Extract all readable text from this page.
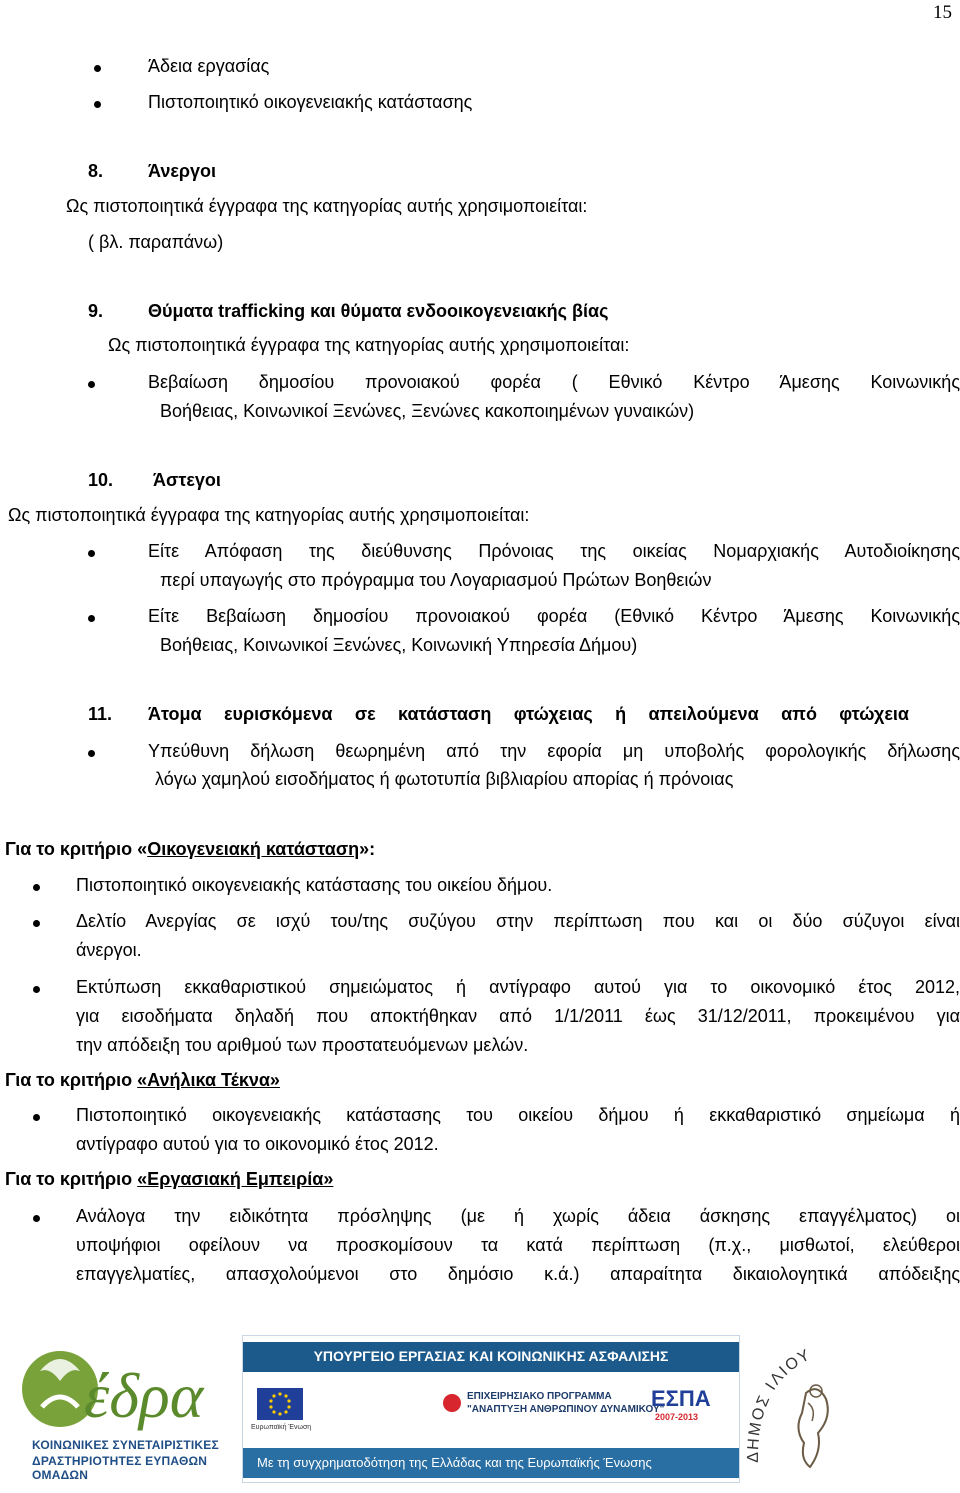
15
Άδεια εργασίας
Πιστοποιητικό οικογενειακής κατάστασης
8. Άνεργοι
Ως πιστοποιητικά έγγραφα της κατηγορίας αυτής χρησιμοποιείται:
( βλ. παραπάνω)
9. Θύματα trafficking και θύματα ενδοοικογενειακής βίας
Ως πιστοποιητικά έγγραφα της κατηγορίας αυτής χρησιμοποιείται:
Βεβαίωση δημοσίου προνοιακού φορέα ( Εθνικό Κέντρο Άμεσης Κοινωνικής
Βοήθειας, Κοινωνικοί Ξενώνες, Ξενώνες κακοποιημένων γυναικών)
10. Άστεγοι
Ως πιστοποιητικά έγγραφα της κατηγορίας αυτής χρησιμοποιείται:
Είτε Απόφαση της διεύθυνσης Πρόνοιας της οικείας Νομαρχιακής Αυτοδιοίκησης
περί υπαγωγής στο πρόγραμμα του Λογαριασμού Πρώτων Βοηθειών
Είτε Βεβαίωση δημοσίου προνοιακού φορέα (Εθνικό Κέντρο Άμεσης Κοινωνικής
Βοήθειας, Κοινωνικοί Ξενώνες, Κοινωνική Υπηρεσία Δήμου)
11. Άτομα ευρισκόμενα σε κατάσταση φτώχειας ή απειλούμενα από φτώχεια
Υπεύθυνη δήλωση θεωρημένη από την εφορία μη υποβολής φορολογικής δήλωσης
λόγω χαμηλού εισοδήματος ή φωτοτυπία βιβλιαρίου απορίας ή πρόνοιας
Για το κριτήριο «Οικογενειακή κατάσταση»:
Πιστοποιητικό οικογενειακής κατάστασης του οικείου δήμου.
Δελτίο Ανεργίας σε ισχύ του/της συζύγου στην περίπτωση που και οι δύο σύζυγοι είναι
άνεργοι.
Εκτύπωση εκκαθαριστικού σημειώματος ή αντίγραφο αυτού για το οικονομικό έτος 2012,
για εισοδήματα δηλαδή που αποκτήθηκαν από 1/1/2011 έως 31/12/2011, προκειμένου για
την απόδειξη του αριθμού των προστατευόμενων μελών.
Για το κριτήριο «Ανήλικα Τέκνα»
Πιστοποιητικό οικογενειακής κατάστασης του οικείου δήμου ή εκκαθαριστικό σημείωμα ή
αντίγραφο αυτού για το οικονομικό έτος 2012.
Για το κριτήριο «Εργασιακή Εμπειρία»
Ανάλογα την ειδικότητα πρόσληψης (με ή χωρίς άδεια άσκησης επαγγέλματος) οι
υποψήφιοι οφείλουν να προσκομίσουν τα κατά περίπτωση (π.χ., μισθωτοί, ελεύθεροι
επαγγελματίες, απασχολούμενοι στο δημόσιο κ.ά.) απαραίτητα δικαιολογητικά απόδειξης
έδρα
ΚΟΙΝΩΝΙΚΕΣ ΣΥΝΕΤΑΙΡΙΣΤΙΚΕΣ
ΔΡΑΣΤΗΡΙΟΤΗΤΕΣ ΕΥΠΑΘΩΝ ΟΜΑΔΩΝ
ΥΠΟΥΡΓΕΙΟ ΕΡΓΑΣΙΑΣ ΚΑΙ ΚΟΙΝΩΝΙΚΗΣ ΑΣΦΑΛΙΣΗΣ
Ευρωπαϊκή Ένωση
ΕΠΙΧΕΙΡΗΣΙΑΚΟ ΠΡΟΓΡΑΜΜΑ
"ΑΝΑΠΤΥΞΗ ΑΝΘΡΩΠΙΝΟΥ ΔΥΝΑΜΙΚΟΥ"
ΕΣΠΑ
2007-2013
Με τη συγχρηματοδότηση της Ελλάδας και της Ευρωπαϊκής Ένωσης	ΔΗΜΟΣ ΙΛΙΟΥ
